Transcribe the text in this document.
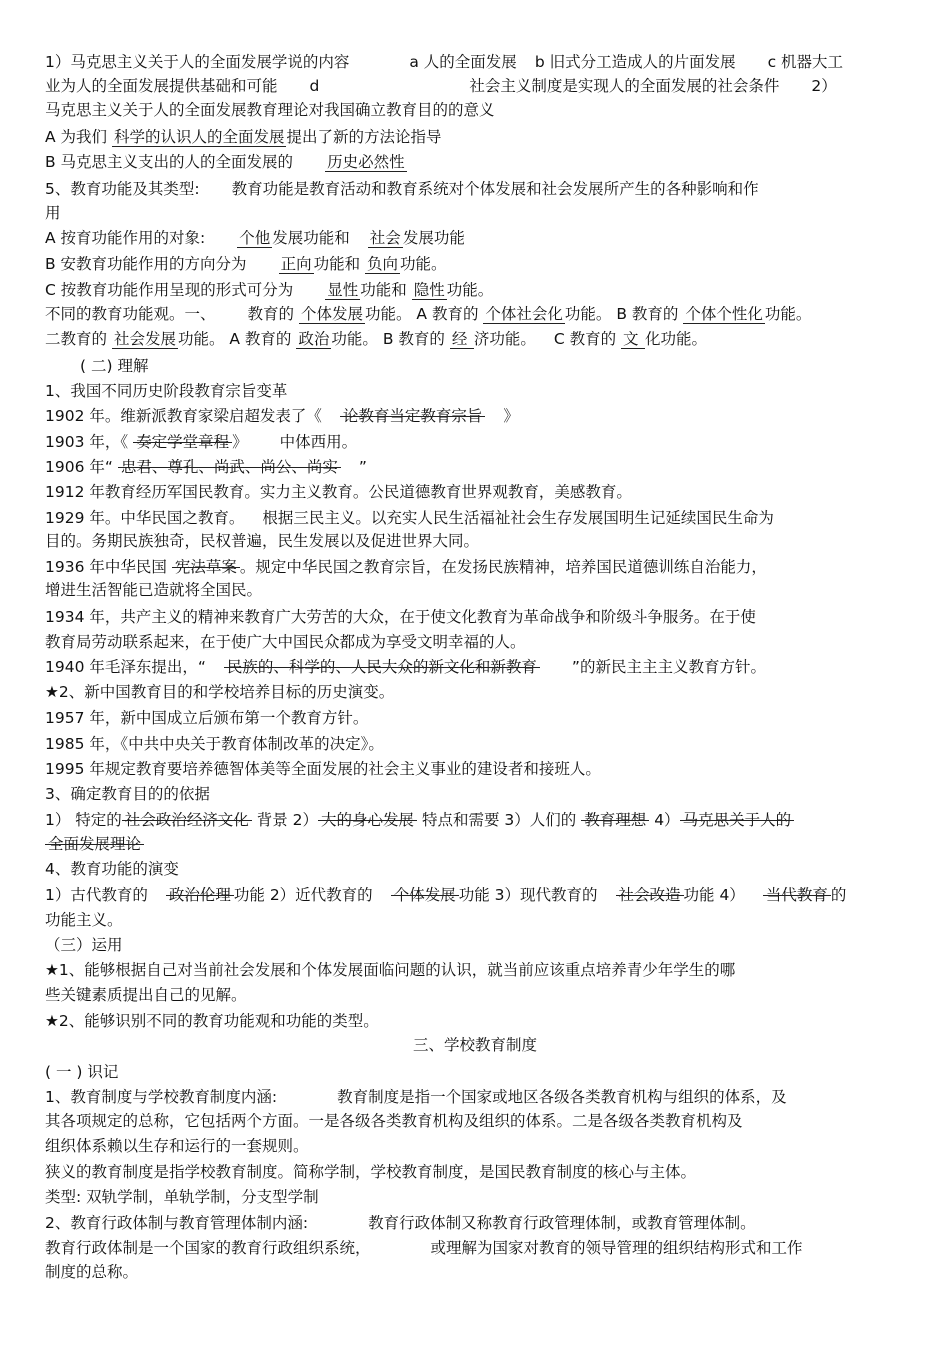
1）马克思主义关于人的全面发展学说的内容	a 人的全面发展 b 旧式分工造成人的片面发展 c 机器大工
业为人的全面发展提供基础和可能 d	社会主义制度是实现人的全面发展的社会条件 2）
马克思主义关于人的全面发展教育理论对我国确立教育目的的意义
A 为我们 科学的认识人的全面发展 提出了新的方法论指导
B 马克思主义支出的人的全面发展的 历史必然性
5、教育功能及其类型: 教育功能是教育活动和教育系统对个体发展和社会发展所产生的各种影响和作
用
A 按育功能作用的对象: 个他 发展功能和 社会 发展功能
B 安教育功能作用的方向分为 正向 功能和 负向 功能。
C 按教育功能作用呈现的形式可分为 显性 功能和 隐性 功能。
不同的教育功能观。一、 教育的 个体发展 功能。 A 教育的 个体社会化 功能。 B 教育的 个体个性化 功能。
二教育的 社会发展 功能。 A 教育的 政治 功能。 B 教育的 经 济功能。 C 教育的 文 化功能。
( 二) 理解
1、我国不同历史阶段教育宗旨变革
1902 年。维新派教育家梁启超发表了《 论教育当定教育宗旨 》
1903 年，《 奏定学堂章程 》 中体西用。
1906 年“ 忠君、尊孔、尚武、尚公、尚实 ”
1912 年教育经历军国民教育。实力主义教育。公民道德教育世界观教育，美感教育。
1929 年。中华民国之教育。 根据三民主义。以充实人民生活福祉社会生存发展国明生记延续国民生命为
目的。务期民族独奇，民权普遍，民生发展以及促进世界大同。
1936 年中华民国 宪法草案 。规定中华民国之教育宗旨，在发扬民族精神，培养国民道德训练自治能力，
增进生活智能已造就将全国民。
1934 年，共产主义的精神来教育广大劳苦的大众，在于使文化教育为革命战争和阶级斗争服务。在于使
教育局劳动联系起来，在于使广大中国民众都成为享受文明幸福的人。
1940 年毛泽东提出，“ 民族的、科学的、人民大众的新文化和新教育 ”的新民主主主义教育方针。
★2、新中国教育目的和学校培养目标的历史演变。
1957 年，新中国成立后颁布第一个教育方针。
1985 年，《中共中央关于教育体制改革的决定》。
1995 年规定教育要培养德智体美等全面发展的社会主义事业的建设者和接班人。
3、确定教育目的的依据
1） 特定的 社会政治经济文化 背景 2） 大的身心发展 特点和需要 3）人们的 教育理想 4） 马克思关于人的
全面发展理论
4、教育功能的演变
1）古代教育的 政治伦理 功能 2）近代教育的 个体发展 功能 3）现代教育的 社会改造 功能 4） 当代教育 的
功能主义。
（三）运用
★1、能够根据自己对当前社会发展和个体发展面临问题的认识，就当前应该重点培养青少年学生的哪
些关键素质提出自己的见解。
★2、能够识别不同的教育功能观和功能的类型。
三、学校教育制度
( 一 ) 识记
1、教育制度与学校教育制度内涵:	教育制度是指一个国家或地区各级各类教育机构与组织的体系，及
其各项规定的总称，它包括两个方面。一是各级各类教育机构及组织的体系。二是各级各类教育机构及
组织体系赖以生存和运行的一套规则。
狭义的教育制度是指学校教育制度。简称学制，学校教育制度，是国民教育制度的核心与主体。
类型: 双轨学制，单轨学制，分支型学制
2、教育行政体制与教育管理体制内涵:	教育行政体制又称教育行政管理体制，或教育管理体制。
教育行政体制是一个国家的教育行政组织系统，	或理解为国家对教育的领导管理的组织结构形式和工作
制度的总称。
